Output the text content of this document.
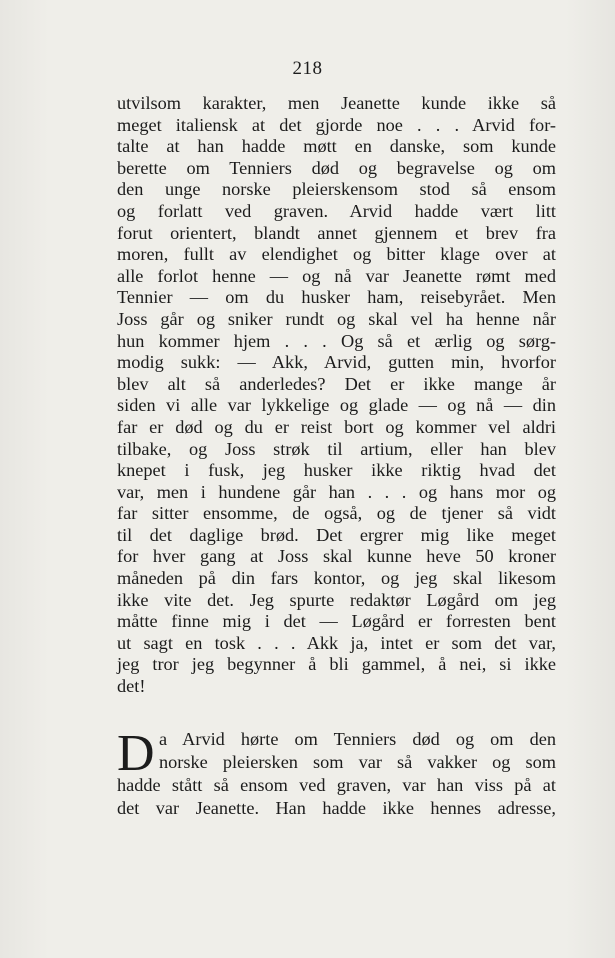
218
utvilsom karakter, men Jeanette kunde ikke så
meget italiensk at det gjorde noe . . . Arvid for-
talte at han hadde møtt en danske, som kunde
berette om Tenniers død og begravelse og om
den unge norske pleierskensom stod så ensom
og forlatt ved graven. Arvid hadde vært litt
forut orientert, blandt annet gjennem et brev fra
moren, fullt av elendighet og bitter klage over at
alle forlot henne — og nå var Jeanette rømt med
Tennier — om du husker ham, reisebyrået. Men
Joss går og sniker rundt og skal vel ha henne når
hun kommer hjem . . . Og så et ærlig og sørg-
modig sukk: — Akk, Arvid, gutten min, hvorfor
blev alt så anderledes? Det er ikke mange år
siden vi alle var lykkelige og glade — og nå — din
far er død og du er reist bort og kommer vel aldri
tilbake, og Joss strøk til artium, eller han blev
knepet i fusk, jeg husker ikke riktig hvad det
var, men i hundene går han . . . og hans mor og
far sitter ensomme, de også, og de tjener så vidt
til det daglige brød. Det ergrer mig like meget
for hver gang at Joss skal kunne heve 50 kroner
måneden på din fars kontor, og jeg skal likesom
ikke vite det. Jeg spurte redaktør Løgård om jeg
måtte finne mig i det — Løgård er forresten bent
ut sagt en tosk . . . Akk ja, intet er som det var,
jeg tror jeg begynner å bli gammel, å nei, si ikke
det!
D a Arvid hørte om Tenniers død og om den
norske pleiersken som var så vakker og som
hadde stått så ensom ved graven, var han viss på at
det var Jeanette. Han hadde ikke hennes adresse,
